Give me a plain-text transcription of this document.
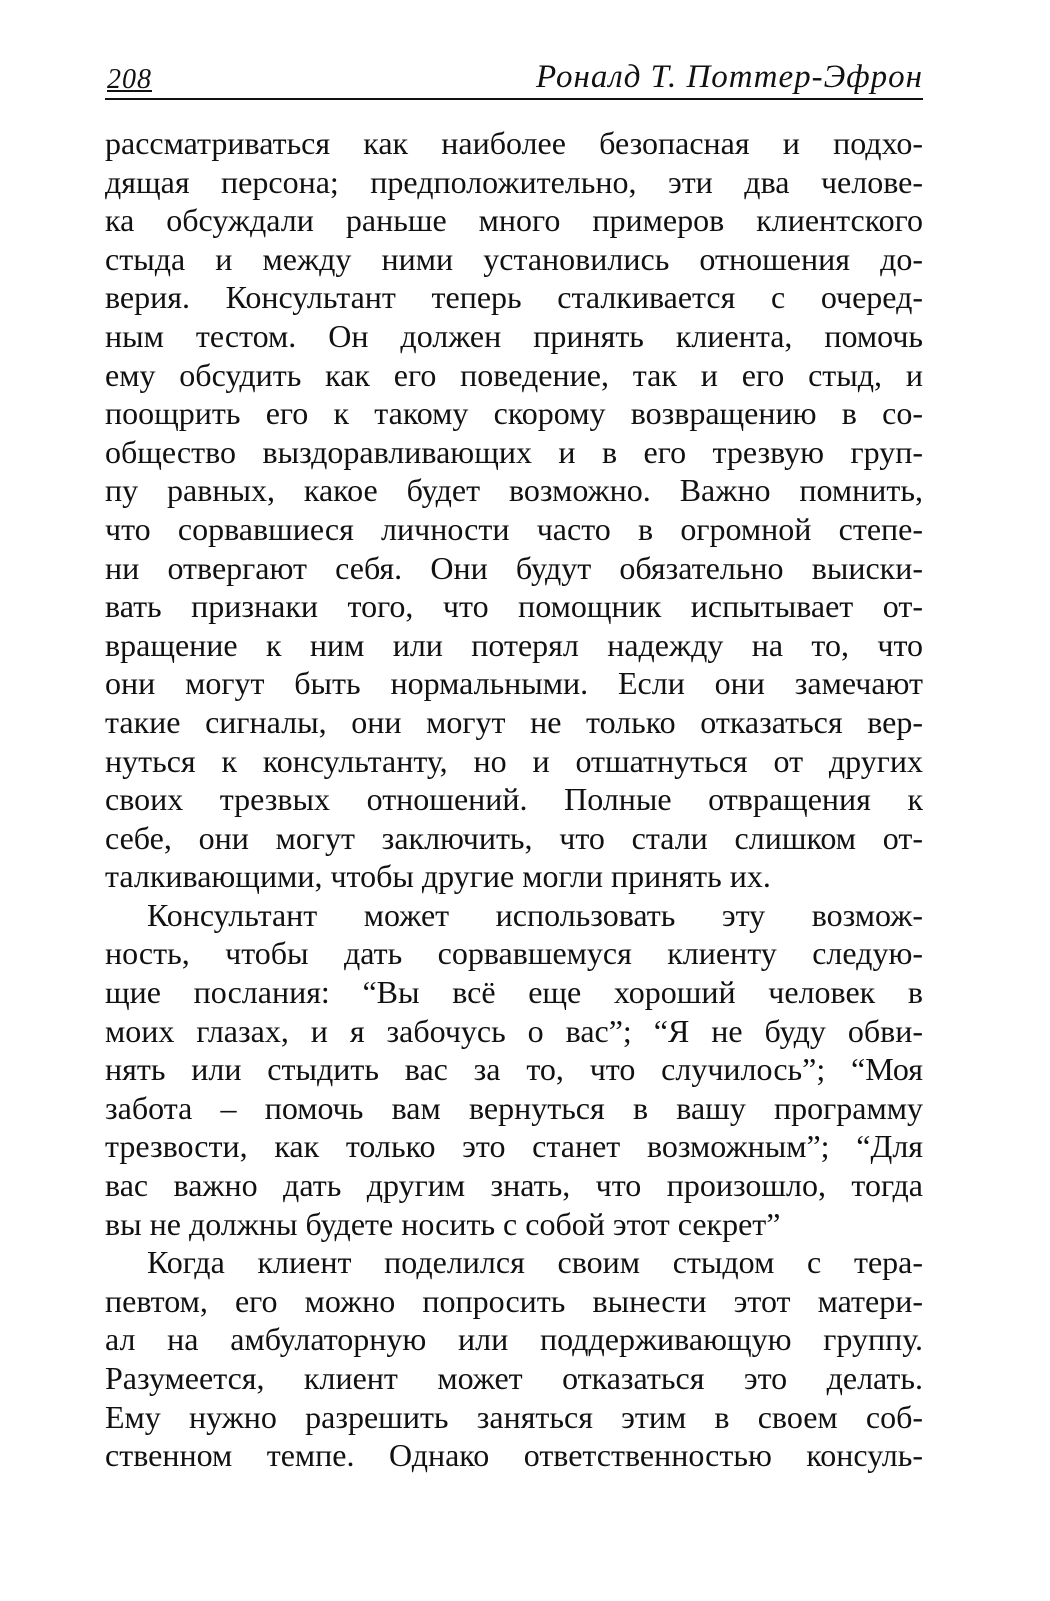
208	Роналд Т. Поттер-Эфрон
рассматриваться как наиболее безопасная и подхо-
дящая персона; предположительно, эти два челове-
ка обсуждали раньше много примеров клиентского
стыда и между ними установились отношения до-
верия. Консультант теперь сталкивается с очеред-
ным тестом. Он должен принять клиента, помочь
ему обсудить как его поведение, так и его стыд, и
поощрить его к такому скорому возвращению в со-
общество выздоравливающих и в его трезвую груп-
пу равных, какое будет возможно. Важно помнить,
что сорвавшиеся личности часто в огромной степе-
ни отвергают себя. Они будут обязательно выиски-
вать признаки того, что помощник испытывает от-
вращение к ним или потерял надежду на то, что
они могут быть нормальными. Если они замечают
такие сигналы, они могут не только отказаться вер-
нуться к консультанту, но и отшатнуться от других
своих трезвых отношений. Полные отвращения к
себе, они могут заключить, что стали слишком от-
талкивающими, чтобы другие могли принять их.
Консультант может использовать эту возмож-
ность, чтобы дать сорвавшемуся клиенту следую-
щие послания: “Вы всё еще хороший человек в
моих глазах, и я забочусь о вас”; “Я не буду обви-
нять или стыдить вас за то, что случилось”; “Моя
забота – помочь вам вернуться в вашу программу
трезвости, как только это станет возможным”; “Для
вас важно дать другим знать, что произошло, тогда
вы не должны будете носить с собой этот секрет”
Когда клиент поделился своим стыдом с тера-
певтом, его можно попросить вынести этот матери-
ал на амбулаторную или поддерживающую группу.
Разумеется, клиент может отказаться это делать.
Ему нужно разрешить заняться этим в своем соб-
ственном темпе. Однако ответственностью консуль-
